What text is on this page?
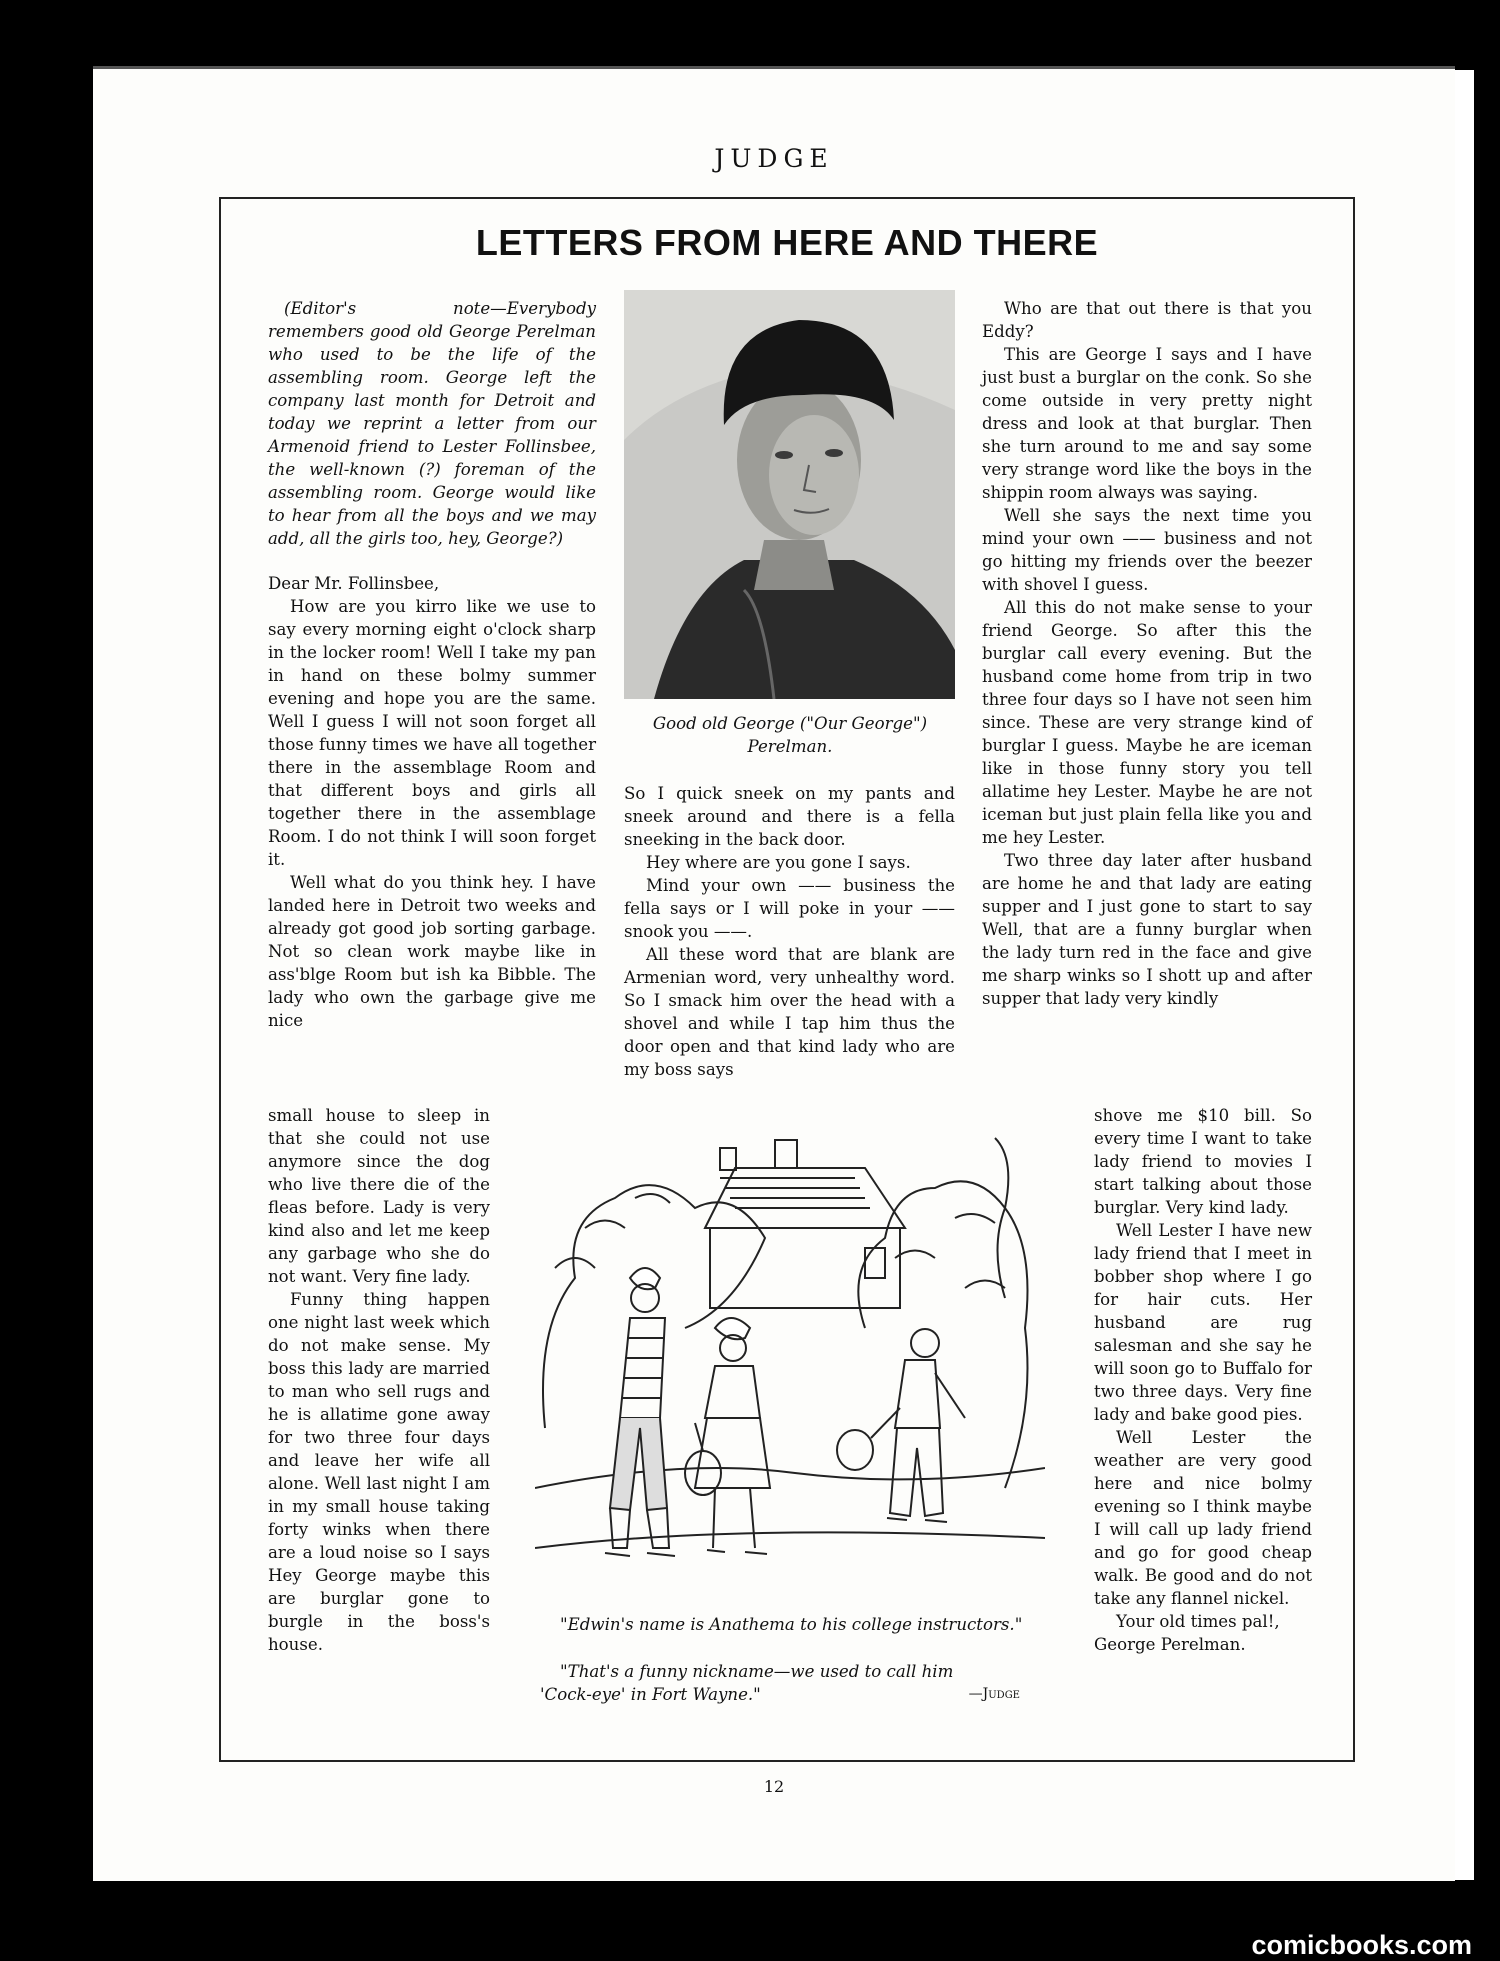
JUDGE
LETTERS FROM HERE AND THERE

(Editor's note—Everybody remembers good old George Perelman who used to be the life of the assembling room. George left the company last month for Detroit and today we reprint a letter from our Armenoid friend to Lester Follinsbee, the well-known (?) foreman of the assembling room. George would like to hear from all the boys and we may add, all the girls too, hey, George?)

Dear Mr. Follinsbee,

How are you kirro like we use to say every morning eight o'clock sharp in the locker room! Well I take my pan in hand on these bolmy summer evening and hope you are the same. Well I guess I will not soon forget all those funny times we have all together there in the assemblage Room and that different boys and girls all together there in the assemblage Room. I do not think I will soon forget it.

Well what do you think hey. I have landed here in Detroit two weeks and already got good job sorting garbage. Not so clean work maybe like in ass'blge Room but ish ka Bibble. The lady who own the garbage give me nice

small house to sleep in that she could not use anymore since the dog who live there die of the fleas before. Lady is very kind also and let me keep any garbage who she do not want. Very fine lady.

Funny thing happen one night last week which do not make sense. My boss this lady are married to man who sell rugs and he is allatime gone away for two three four days and leave her wife all alone. Well last night I am in my small house taking forty winks when there are a loud noise so I says Hey George maybe this are burglar gone to burgle in the boss's house.

Good old George ("Our George") Perelman.

So I quick sneek on my pants and sneek around and there is a fella sneeking in the back door.

Hey where are you gone I says.

Mind your own —— business the fella says or I will poke in your —— snook you ——.

All these word that are blank are Armenian word, very unhealthy word. So I smack him over the head with a shovel and while I tap him thus the door open and that kind lady who are my boss says

Who are that out there is that you Eddy?

This are George I says and I have just bust a burglar on the conk. So she come outside in very pretty night dress and look at that burglar. Then she turn around to me and say some very strange word like the boys in the shippin room always was saying.

Well she says the next time you mind your own —— business and not go hitting my friends over the beezer with shovel I guess.

All this do not make sense to your friend George. So after this the burglar call every evening. But the husband come home from trip in two three four days so I have not seen him since. These are very strange kind of burglar I guess. Maybe he are iceman like in those funny story you tell allatime hey Lester. Maybe he are not iceman but just plain fella like you and me hey Lester.

Two three day later after husband are home he and that lady are eating supper and I just gone to start to say Well, that are a funny burglar when the lady turn red in the face and give me sharp winks so I shott up and after supper that lady very kindly

shove me $10 bill. So every time I want to take lady friend to movies I start talking about those burglar. Very kind lady.

Well Lester I have new lady friend that I meet in bobber shop where I go for hair cuts. Her husband are rug salesman and she say he will soon go to Buffalo for two three days. Very fine lady and bake good pies.

Well Lester the weather are very good here and nice bolmy evening so I think maybe I will call up lady friend and go for good cheap walk. Be good and do not take any flannel nickel.

Your old times pal!,

George Perelman.

"Edwin's name is Anathema to his college instructors."
"That's a funny nickname—we used to call him 'Cock-eye' in Fort Wayne."	—Judge
12
comicbooks.com
